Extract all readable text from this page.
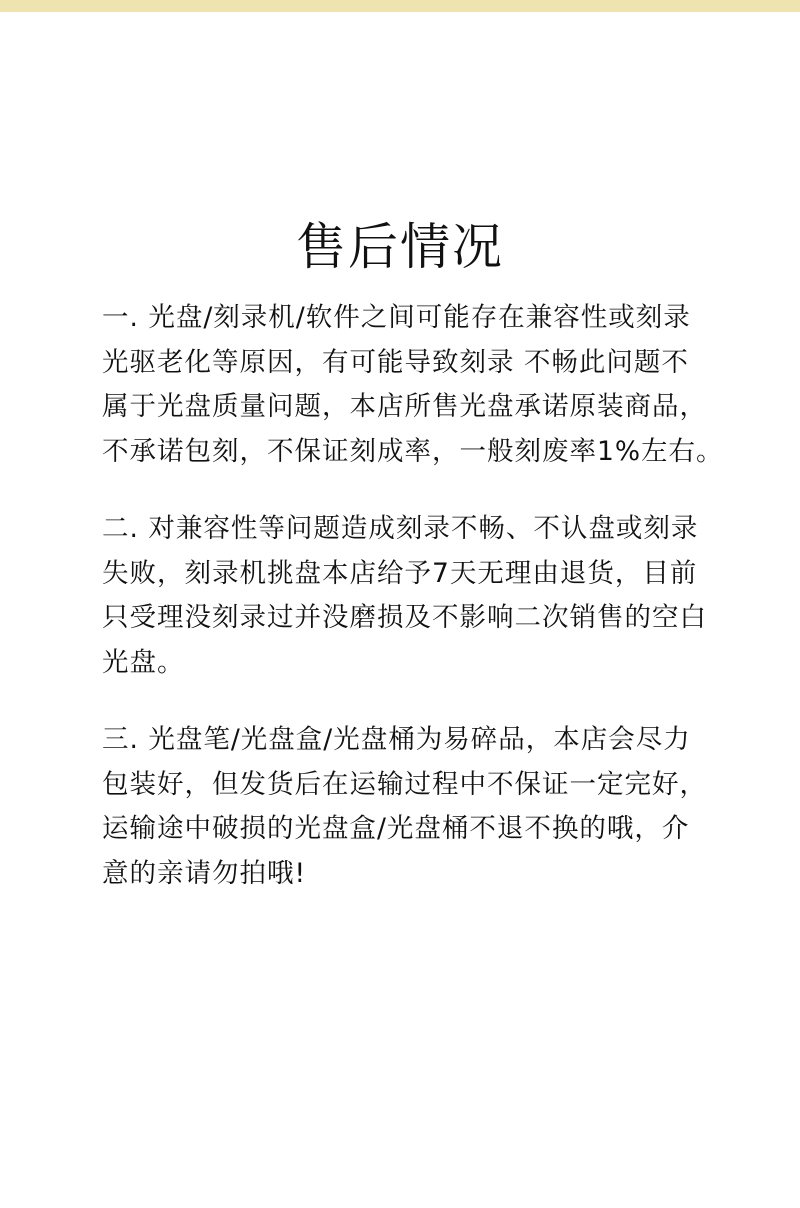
售后情况

一. 光盘/刻录机/软件之间可能存在兼容性或刻录

光驱老化等原因，有可能导致刻录 不畅此问题不

属于光盘质量问题，本店所售光盘承诺原装商品，

不承诺包刻，不保证刻成率，一般刻废率1%左右。

二. 对兼容性等问题造成刻录不畅、不认盘或刻录

失败，刻录机挑盘本店给予7天无理由退货，目前

只受理没刻录过并没磨损及不影响二次销售的空白

光盘。

三. 光盘笔/光盘盒/光盘桶为易碎品，本店会尽力

包装好，但发货后在运输过程中不保证一定完好，

运输途中破损的光盘盒/光盘桶不退不换的哦，介

意的亲请勿拍哦!
